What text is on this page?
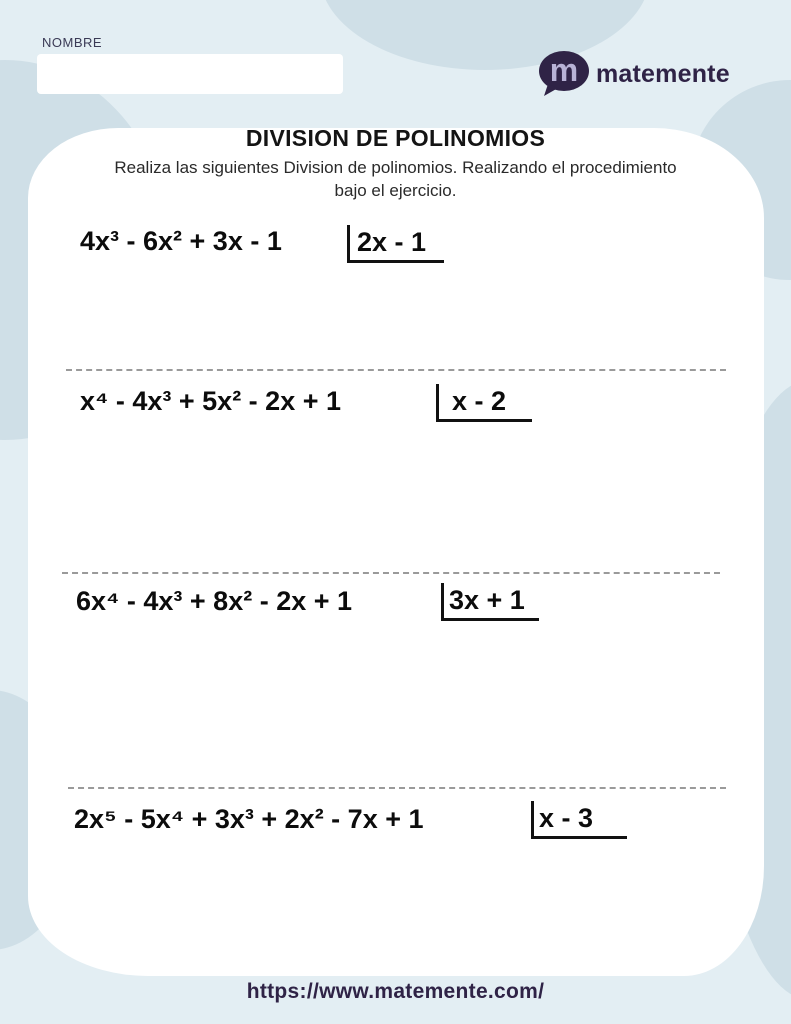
NOMBRE
m matemente
DIVISION DE POLINOMIOS
Realiza las siguientes Division de polinomios. Realizando el procedimiento bajo el ejercicio.
4x³ - 6x² + 3x - 1	2x - 1
x⁴ - 4x³ + 5x² - 2x + 1	x - 2
6x⁴ - 4x³ + 8x² - 2x + 1	3x + 1
2x⁵ - 5x⁴ + 3x³ + 2x² - 7x + 1	x - 3
https://www.matemente.com/
